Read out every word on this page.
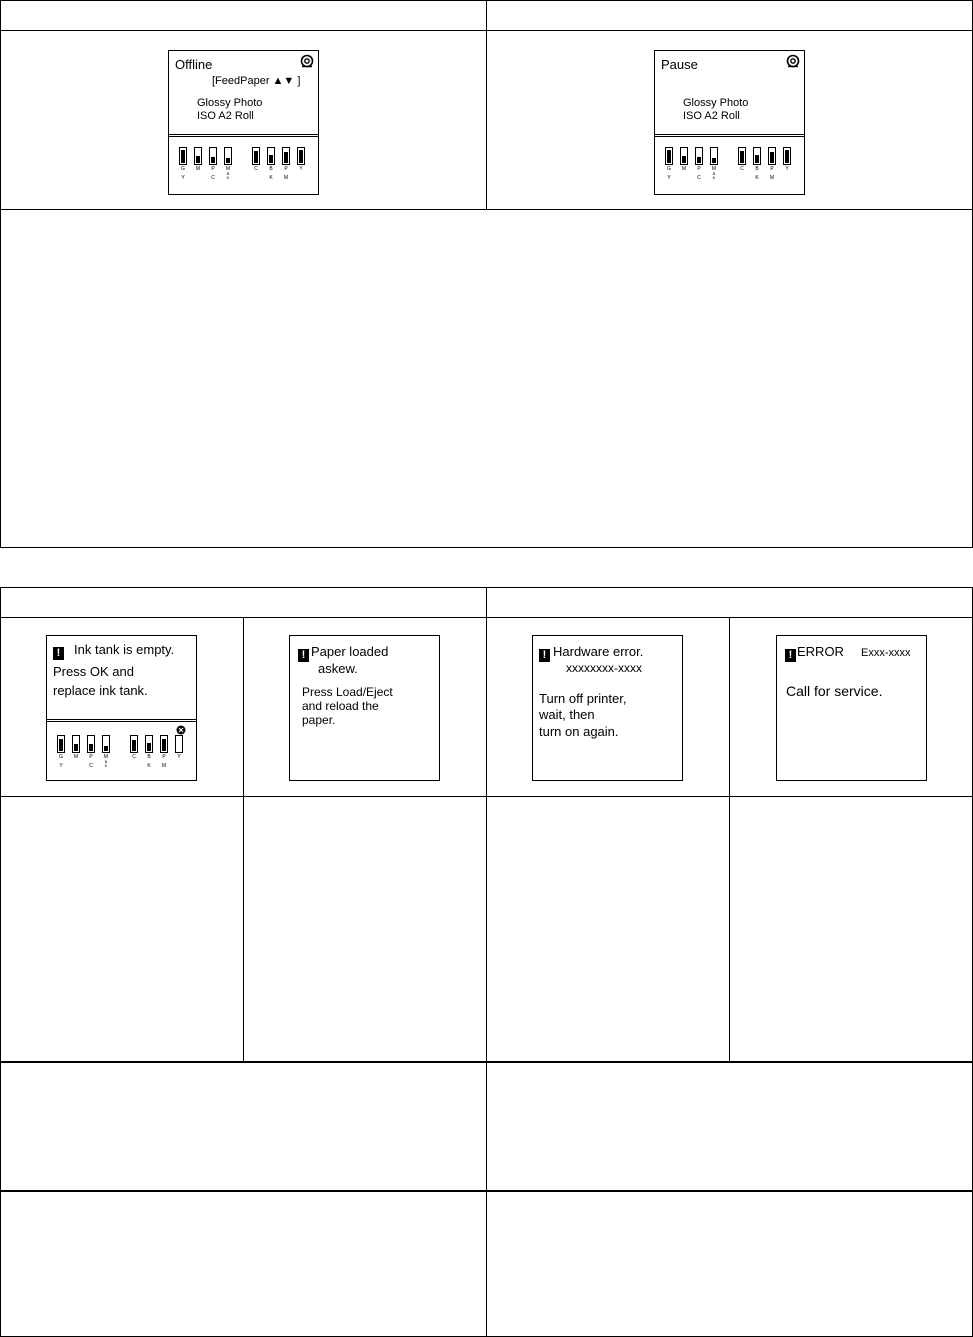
Offline
[FeedPaper ▲▼ ]
Glossy Photo
ISO A2 Roll
G
Y
M	P
C
M
B
K
C	B
K
P
M
Y
Pause
Glossy Photo
ISO A2 Roll
G
Y
M	P
C
M
B
K
C	B
K
P
M
Y
! Ink tank is empty.
Press OK and
replace ink tank.
G
Y
M	P
C
M
B
K
C	B
K
P
M
Y
! Paper loaded
askew.
Press Load/Eject
and reload the
paper.
! Hardware error.
xxxxxxxx-xxxx
Turn off printer,
wait, then
turn on again.
! ERROR Exxx-xxxx
Call for service.
